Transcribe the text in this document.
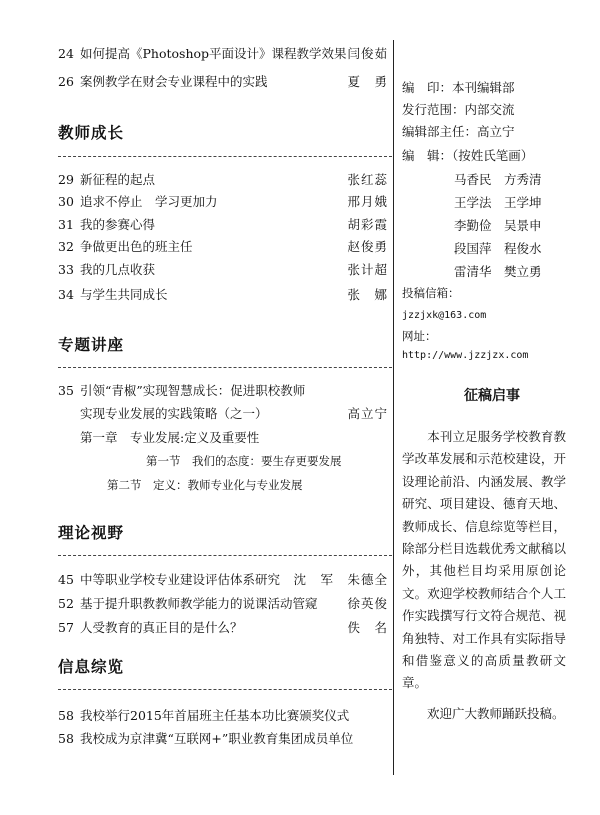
24 如何提高《Photoshop平面设计》课程教学效果 闫俊茹
26 案例教学在财会专业课程中的实践	夏　勇
教师成长
29 新征程的起点	张红蕊
30 追求不停止　学习更加力	邢月娥
31 我的参赛心得	胡彩霞
32 争做更出色的班主任	赵俊勇
33 我的几点收获	张计超
34 与学生共同成长	张　娜
专题讲座
35 引领“青椒”实现智慧成长：促进职校教师
实现专业发展的实践策略（之一）	高立宁
第一章　专业发展:定义及重要性
第一节　我们的态度：要生存更要发展
第二节　定义：教师专业化与专业发展
理论视野
45 中等职业学校专业建设评估体系研究 沈　军　朱德全
52 基于提升职教教师教学能力的说课活动管窥 徐英俊
57 人受教育的真正目的是什么？	佚　名
信息综览
58 我校举行2015年首届班主任基本功比赛颁奖仪式
58 我校成为京津冀“互联网+”职业教育集团成员单位
编　印：本刊编辑部
发行范围：内部交流
编辑部主任：高立宁
编　辑：（按姓氏笔画）
马香民　方秀清
王学法　王学坤
李勤俭　吴景申
段国萍　程俊水
雷清华　樊立勇
投稿信箱：
jzzjxk@163.com
网址：
http://www.jzzjzx.com
征稿启事
　　本刊立足服务学校教育教学改革发展和示范校建设，开设理论前沿、内涵发展、教学研究、项目建设、德育天地、教师成长、信息综览等栏目，除部分栏目选载优秀文献稿以外，其他栏目均采用原创论文。欢迎学校教师结合个人工作实践撰写行文符合规范、视角独特、对工作具有实际指导和借鉴意义的高质量教研文章。
　　欢迎广大教师踊跃投稿。
